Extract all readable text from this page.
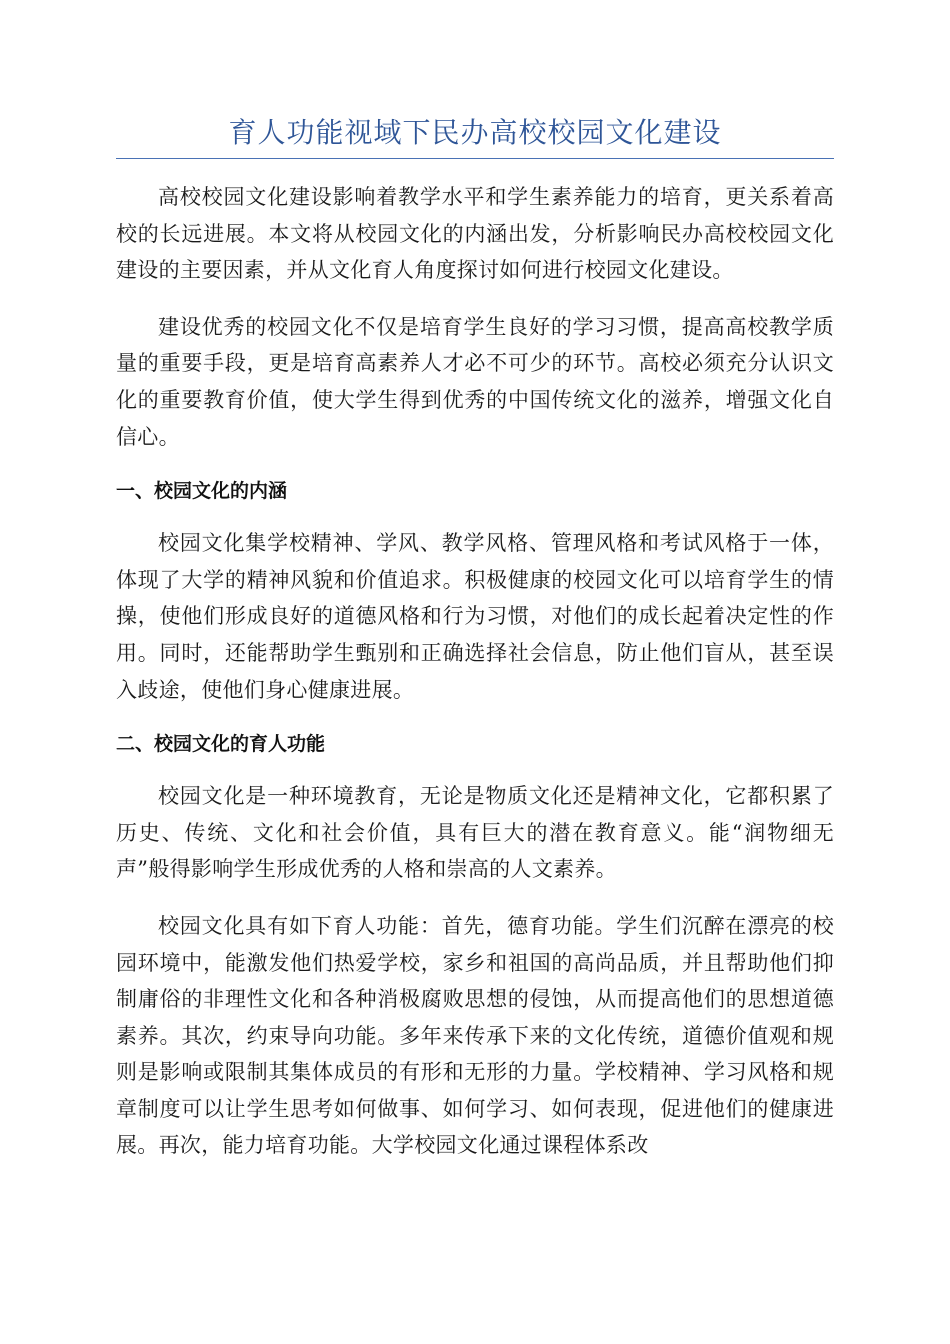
育人功能视域下民办高校校园文化建设

高校校园文化建设影响着教学水平和学生素养能力的培育，更关系着高校的长远进展。本文将从校园文化的内涵出发，分析影响民办高校校园文化建设的主要因素，并从文化育人角度探讨如何进行校园文化建设。

建设优秀的校园文化不仅是培育学生良好的学习习惯，提高高校教学质量的重要手段，更是培育高素养人才必不可少的环节。高校必须充分认识文化的重要教育价值，使大学生得到优秀的中国传统文化的滋养，增强文化自信心。

一、校园文化的内涵

校园文化集学校精神、学风、教学风格、管理风格和考试风格于一体，体现了大学的精神风貌和价值追求。积极健康的校园文化可以培育学生的情操，使他们形成良好的道德风格和行为习惯，对他们的成长起着决定性的作用。同时，还能帮助学生甄别和正确选择社会信息，防止他们盲从，甚至误入歧途，使他们身心健康进展。

二、校园文化的育人功能

校园文化是一种环境教育，无论是物质文化还是精神文化，它都积累了历史、传统、文化和社会价值，具有巨大的潜在教育意义。能“润物细无声”般得影响学生形成优秀的人格和崇高的人文素养。

校园文化具有如下育人功能：首先，德育功能。学生们沉醉在漂亮的校园环境中，能激发他们热爱学校，家乡和祖国的高尚品质，并且帮助他们抑制庸俗的非理性文化和各种消极腐败思想的侵蚀，从而提高他们的思想道德素养。其次，约束导向功能。多年来传承下来的文化传统，道德价值观和规则是影响或限制其集体成员的有形和无形的力量。学校精神、学习风格和规章制度可以让学生思考如何做事、如何学习、如何表现，促进他们的健康进展。再次，能力培育功能。大学校园文化通过课程体系改
